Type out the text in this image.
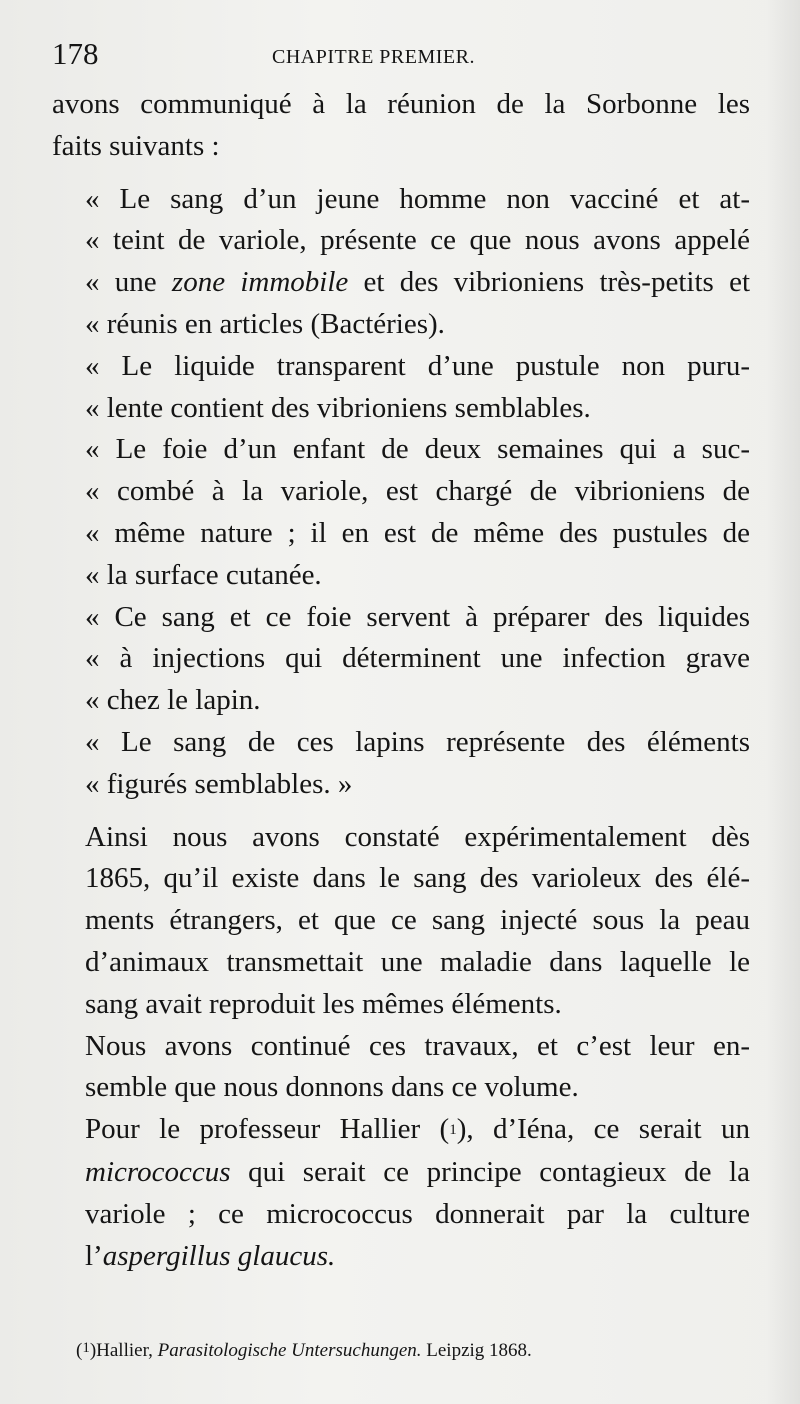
178	CHAPITRE PREMIER.

avons communiqué à la réunion de la Sorbonne les
faits suivants :

« Le sang d’un jeune homme non vacciné et at-
« teint de variole, présente ce que nous avons appelé
« une zone immobile et des vibrioniens très-petits et
« réunis en articles (Bactéries).

« Le liquide transparent d’une pustule non puru-
« lente contient des vibrioniens semblables.

« Le foie d’un enfant de deux semaines qui a suc-
« combé à la variole, est chargé de vibrioniens de
« même nature ; il en est de même des pustules de
« la surface cutanée.

« Ce sang et ce foie servent à préparer des liquides
« à injections qui déterminent une infection grave
« chez le lapin.

« Le sang de ces lapins représente des éléments
« figurés semblables. »

Ainsi nous avons constaté expérimentalement dès
1865, qu’il existe dans le sang des varioleux des élé-
ments étrangers, et que ce sang injecté sous la peau
d’animaux transmettait une maladie dans laquelle le
sang avait reproduit les mêmes éléments.

Nous avons continué ces travaux, et c’est leur en-
semble que nous donnons dans ce volume.

Pour le professeur Hallier ($^1$), d’Iéna, ce serait un
micrococcus qui serait ce principe contagieux de la
variole ; ce micrococcus donnerait par la culture
l’aspergillus glaucus.

($^1$)Hallier, Parasitologische Untersuchungen. Leipzig 1868.
